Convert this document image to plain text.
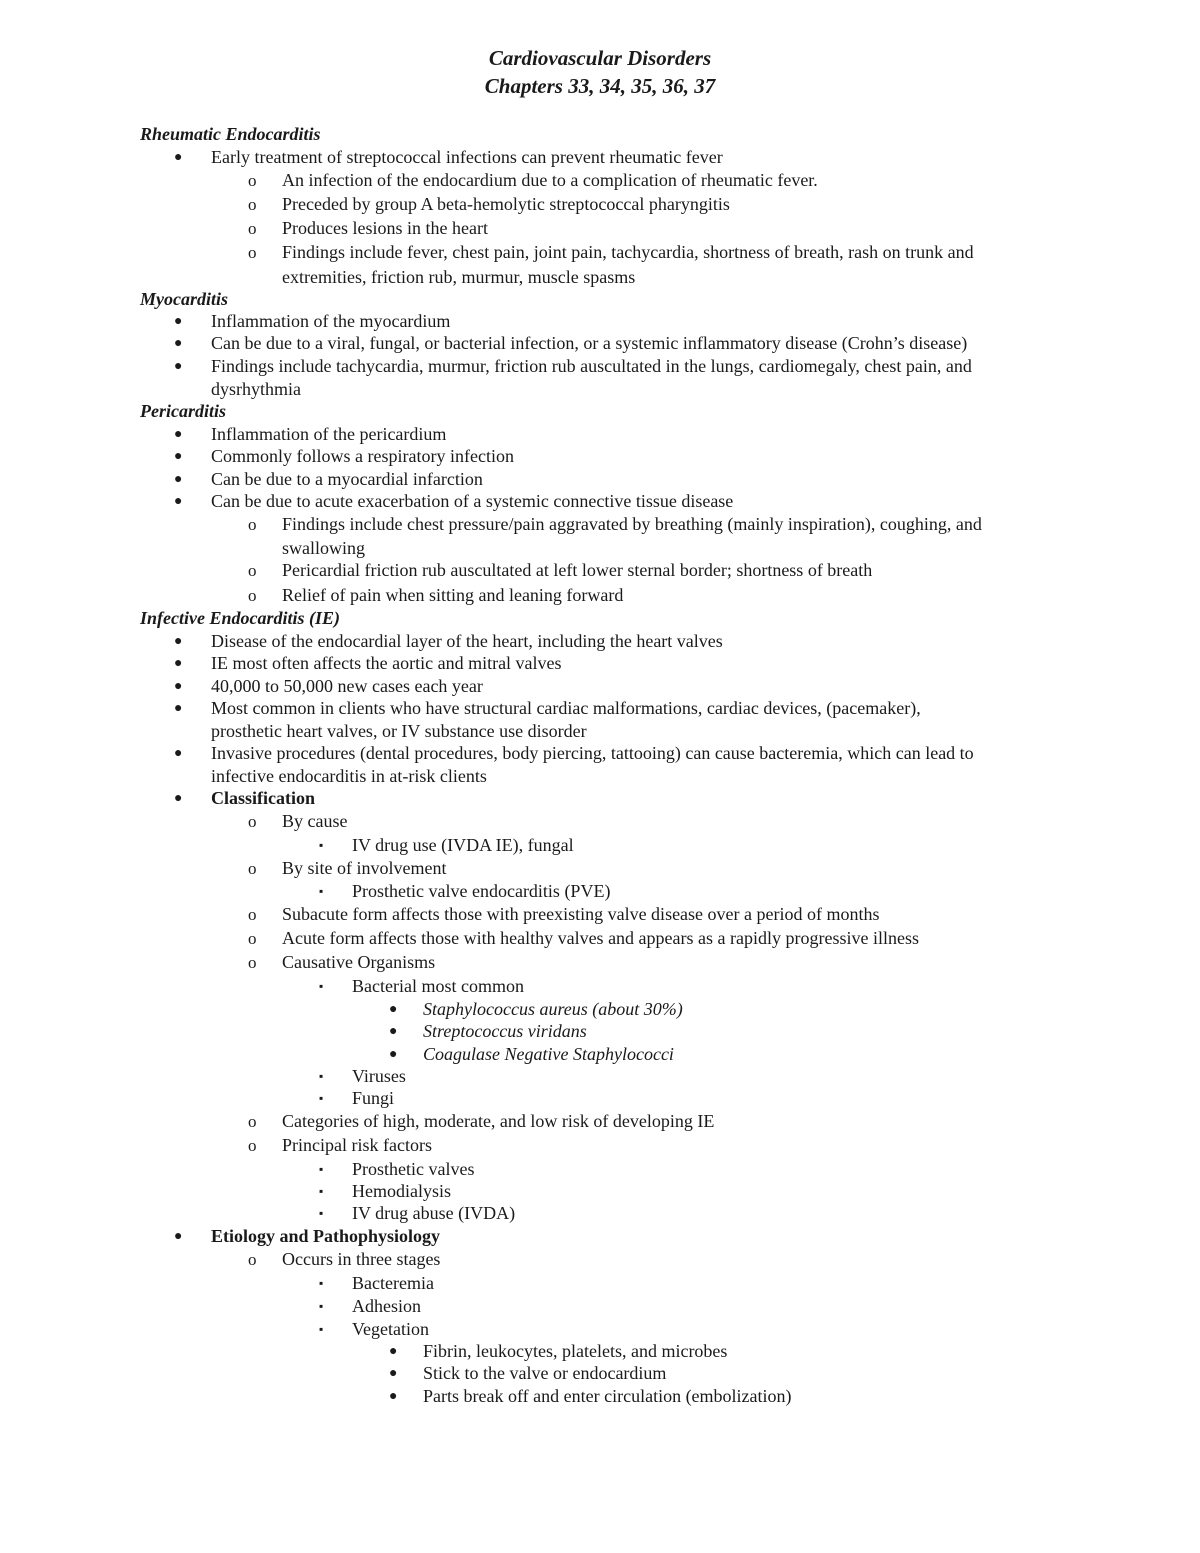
Cardiovascular Disorders
Chapters 33, 34, 35, 36, 37
Rheumatic Endocarditis
● Early treatment of streptococcal infections can prevent rheumatic fever
o An infection of the endocardium due to a complication of rheumatic fever.
o Preceded by group A beta-hemolytic streptococcal pharyngitis
o Produces lesions in the heart
o Findings include fever, chest pain, joint pain, tachycardia, shortness of breath, rash on trunk and
extremities, friction rub, murmur, muscle spasms
Myocarditis
● Inflammation of the myocardium
● Can be due to a viral, fungal, or bacterial infection, or a systemic inflammatory disease (Crohn’s disease)
● Findings include tachycardia, murmur, friction rub auscultated in the lungs, cardiomegaly, chest pain, and
dysrhythmia
Pericarditis
● Inflammation of the pericardium
● Commonly follows a respiratory infection
● Can be due to a myocardial infarction
● Can be due to acute exacerbation of a systemic connective tissue disease
o Findings include chest pressure/pain aggravated by breathing (mainly inspiration), coughing, and
swallowing
o Pericardial friction rub auscultated at left lower sternal border; shortness of breath
o Relief of pain when sitting and leaning forward
Infective Endocarditis (IE)
● Disease of the endocardial layer of the heart, including the heart valves
● IE most often affects the aortic and mitral valves
● 40,000 to 50,000 new cases each year
● Most common in clients who have structural cardiac malformations, cardiac devices, (pacemaker),
prosthetic heart valves, or IV substance use disorder
● Invasive procedures (dental procedures, body piercing, tattooing) can cause bacteremia, which can lead to
infective endocarditis in at-risk clients
● Classification
o By cause
▪ IV drug use (IVDA IE), fungal
o By site of involvement
▪ Prosthetic valve endocarditis (PVE)
o Subacute form affects those with preexisting valve disease over a period of months
o Acute form affects those with healthy valves and appears as a rapidly progressive illness
o Causative Organisms
▪ Bacterial most common
● Staphylococcus aureus (about 30%)
● Streptococcus viridans
● Coagulase Negative Staphylococci
▪ Viruses
▪ Fungi
o Categories of high, moderate, and low risk of developing IE
o Principal risk factors
▪ Prosthetic valves
▪ Hemodialysis
▪ IV drug abuse (IVDA)
● Etiology and Pathophysiology
o Occurs in three stages
▪ Bacteremia
▪ Adhesion
▪ Vegetation
● Fibrin, leukocytes, platelets, and microbes
● Stick to the valve or endocardium
● Parts break off and enter circulation (embolization)
